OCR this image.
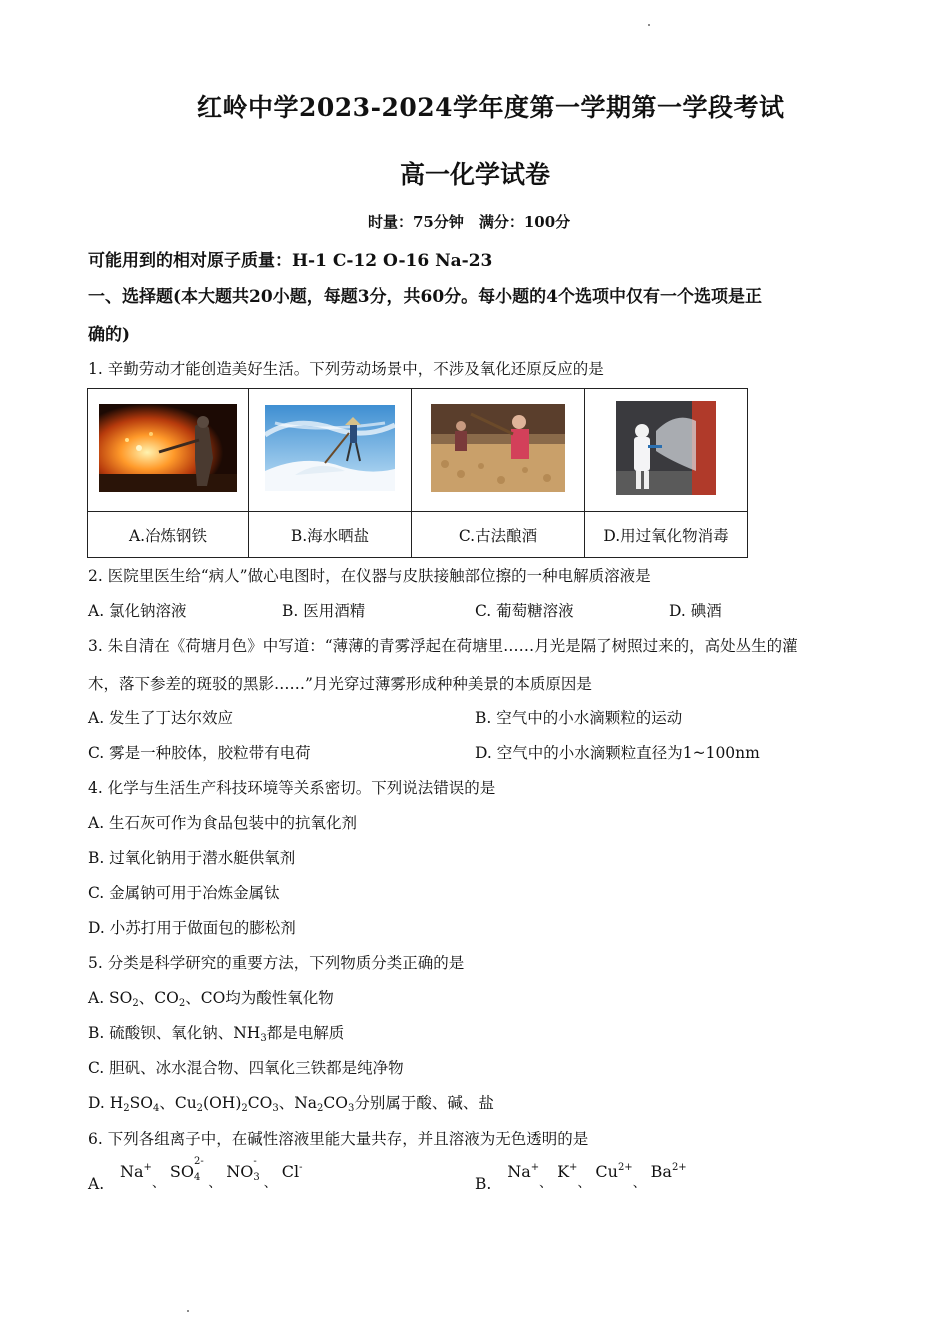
红岭中学2023-2024学年度第一学期第一学段考试
高一化学试卷
时量：75分钟　满分：100分
可能用到的相对原子质量：H-1 C-12 O-16 Na-23
一、选择题(本大题共20小题，每题3分，共60分。每小题的4个选项中仅有一个选项是正
确的)
1. 辛勤劳动才能创造美好生活。下列劳动场景中，不涉及氧化还原反应的是

A.冶炼钢铁	B.海水晒盐	C.古法酿酒	D.用过氧化物消毒
2. 医院里医生给“病人”做心电图时，在仪器与皮肤接触部位擦的一种电解质溶液是
A. 氯化钠溶液	B. 医用酒精	C. 葡萄糖溶液	D. 碘酒
3. 朱自清在《荷塘月色》中写道：“薄薄的青雾浮起在荷塘里……月光是隔了树照过来的，高处丛生的灌
木，落下参差的斑驳的黑影……”月光穿过薄雾形成种种美景的本质原因是
A. 发生了丁达尔效应	B. 空气中的小水滴颗粒的运动
C. 雾是一种胶体，胶粒带有电荷	D. 空气中的小水滴颗粒直径为1~100nm
4. 化学与生活生产科技环境等关系密切。下列说法错误的是
A. 生石灰可作为食品包装中的抗氧化剂
B. 过氧化钠用于潜水艇供氧剂
C. 金属钠可用于冶炼金属钛
D. 小苏打用于做面包的膨松剂
5. 分类是科学研究的重要方法，下列物质分类正确的是
A. $SO_2$、$CO_2$、CO均为酸性氧化物
B. 硫酸钡、氧化钠、$NH_3$都是电解质
C. 胆矾、冰水混合物、四氧化三铁都是纯净物
D. $H_2SO_4$、$Cu_2(OH)_2CO_3$、$Na_2CO_3$分别属于酸、碱、盐
6. 下列各组离子中，在碱性溶液里能大量共存，并且溶液为无色透明的是
A.  $Na^+_、$ SO
2-
$_4$ $_、$ NO
-
$_3$ $_、$ Cl-
B.  $Na^+_、$ $K^+_、$ $Cu^{2+}_、$ $Ba^{2+}$
